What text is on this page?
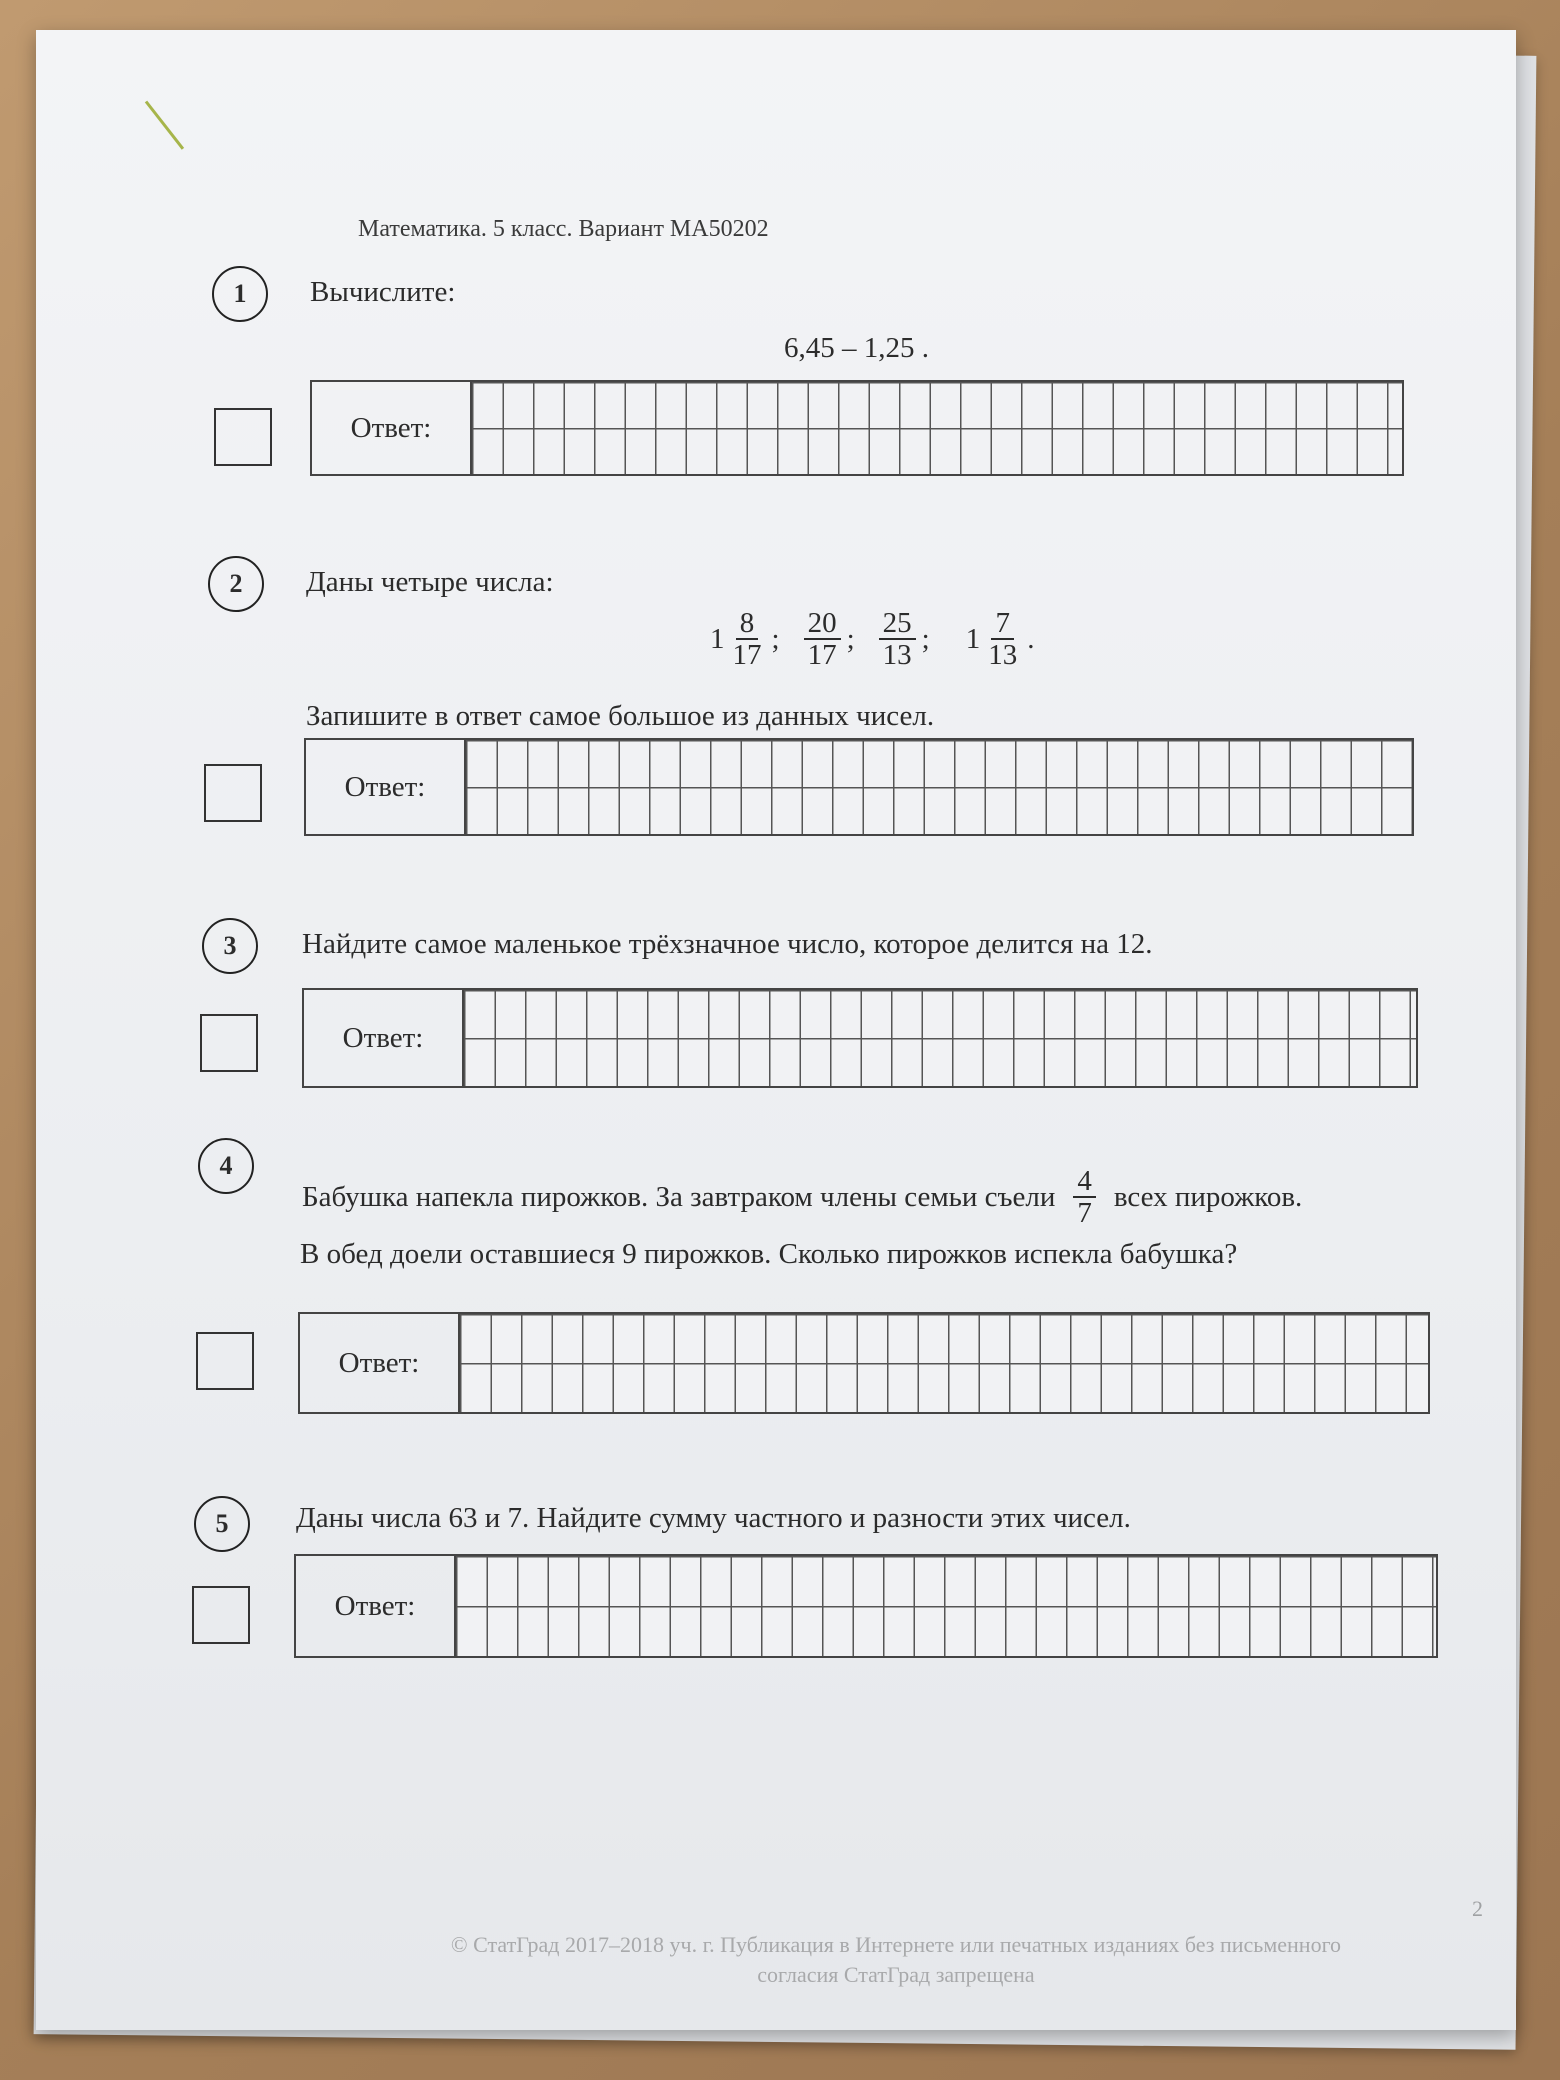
Математика. 5 класс. Вариант МА50202
1 Вычислите:
6,45 – 1,25 .
Ответ:
2 Даны четыре числа:
$1 \frac{8}{17}$ ; $\frac{20}{17}$ ; $\frac{25}{13}$ ; $1 \frac{7}{13}$ .
Запишите в ответ самое большое из данных чисел.
Ответ:
3 Найдите самое маленькое трёхзначное число, которое делится на 12.
Ответ:
4
Бабушка напекла пирожков. За завтраком члены семьи съели $\frac{4}{7}$ всех пирожков.
В обед доели оставшиеся 9 пирожков. Сколько пирожков испекла бабушка?
Ответ:
5 Даны числа 63 и 7. Найдите сумму частного и разности этих чисел.
Ответ:
2
© СтатГрад 2017–2018 уч. г. Публикация в Интернете или печатных изданиях без письменного
согласия СтатГрад запрещена
